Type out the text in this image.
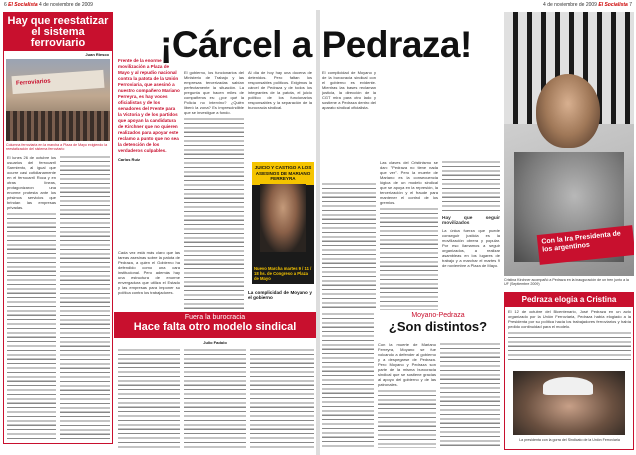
6 El Socialista 4 de noviembre de 2009	4 de noviembre de 2009 El Socialista 7
Hay que reestatizar el sistema ferroviario
Juan Riesco
Ferroviarios
Columna ferroviaria en la marcha a Plaza de Mayo exigiendo la reestatización del sistema ferroviario
El lunes 26 de octubre los usuarios del ferrocarril Sarmiento, al igual que ocurre casi cotidianamente en el ferrocarril Roca y en otras líneas, protagonizaron una enorme protesta ante los pésimos servicios que brindan las empresas privadas.
Frente de la enorme movilización a Plaza de Mayo y al repudio nacional contra la patota de la Unión Ferroviaria, que asesinó a nuestro compañero Mariano Ferreyra, es hay voces oficialistas y de los senadores del Frente para la Victoria y de los partidos que apoyan la candidatura de Kirchner que no quieren realizados para apoyar este reclamo a punto que no sea la detención de los verdaderos culpables.
Carlos Ruiz
¡Cárcel a Pedraza!
Cada vez está más claro que las tareas asesinas sobre la patota de Pedraza, a quien el Gobierno ha defendido como una cara institucional. Pero además hay una estructura de enorme envergadura que utiliza el Estado y las empresas para imponer su política contra los trabajadores.
El gobierno, los funcionarios del Ministerio de Trabajo y las empresas tercerizadas sabían perfectamente la situación. La pregunta que hacen miles de compañeros es: ¿por qué la Policía no intervino? ¿Quién liberó la zona? Es imprescindible que se investigue a fondo.
Al día de hoy hay una docena de detenidos. Pero faltan los responsables políticos. Exigimos la cárcel de Pedraza y de todos los integrantes de la patota, el juicio político de los funcionarios responsables y la separación de la burocracia sindical.
JUICIO Y CASTIGO A LOS ASESINOS DE MARIANO FERREYRA
Nuevo Marcha martes 9 / 11 / 18 hs. de Congreso a Plaza de Mayo
La complicidad de Moyano y el gobierno
Fuera la burocracia
Hace falta otro modelo sindical
Julio Fadolo
El complicidad de Moyano y de la burocracia sindical con el gobierno es evidente. Mientras las bases reclaman justicia, la dirección de la CGT mira para otro lado y sostiene a Pedraza dentro del aparato sindical oficialista.
Las claves del Cristinismo se dan: "Pedraza no tiene nada que ver". Pero la muerte de Mariano es la consecuencia lógica de un modelo sindical que se apoya en la represión, la tercerización y el fraude para mantener el control de los gremios.
Hay que seguir movilizados
La única fuerza que puede conseguir justicia es la movilización obrera y popular. Por eso llamamos a seguir organizados, a realizar asambleas en los lugares de trabajo y a marchar el martes 9 de noviembre a Plaza de Mayo.
Con la Ira Presidenta de los argentinos
Cristina Kirchner acompañó a Pedraza en la inauguración de un tren junto a la UF (Septiembre 2009)
Moyano-Pedraza
¿Son distintos?
Con la muerte de Mariano Ferreyra, Moyano se fue volcando a defender al gobierno y a despegarse de Pedraza. Pero Moyano y Pedraza son parte de la misma burocracia sindical que se sostiene gracias al apoyo del gobierno y de las patronales.
Pedraza elogia a Cristina
El 12 de octubre del Bicentenario, José Pedraza en un acto organizado por la Unión Ferroviaria, Pedraza había elogiado a la Presidenta por su política hacia los trabajadores ferroviarios y había pedido continuidad para el modelo.
La presidenta con la gorra del Sindicato de la Unión Ferroviaria
